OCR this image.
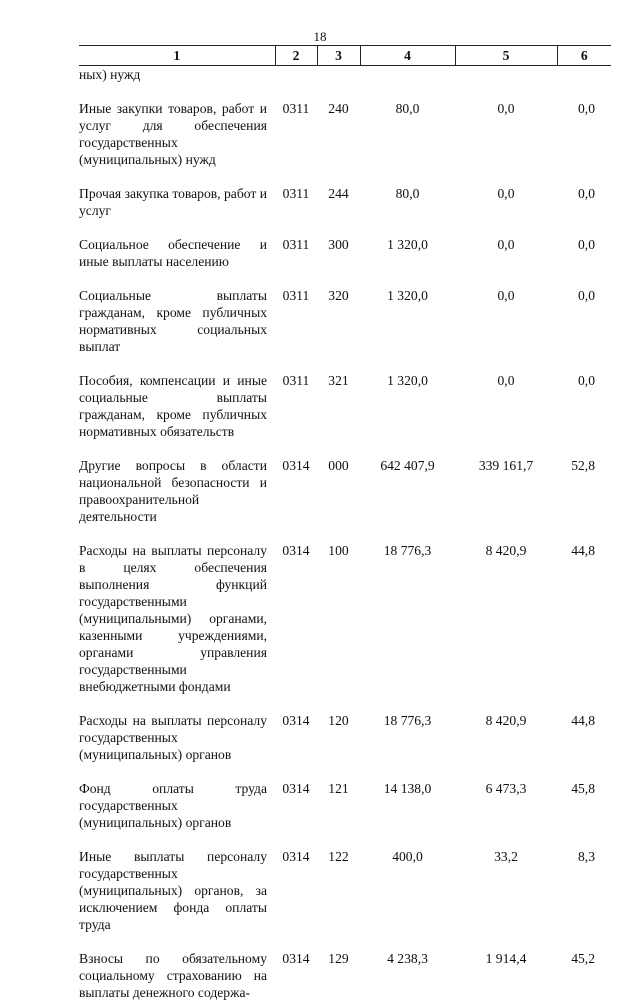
18
1	2	3	4	5	6
ных) нужд					
Иные закупки товаров, работ и услуг для обеспечения государственных (муниципальных) нужд	0311	240	80,0	0,0	0,0
Прочая закупка товаров, работ и услуг	0311	244	80,0	0,0	0,0
Социальное обеспечение и иные выплаты населению	0311	300	1 320,0	0,0	0,0
Социальные выплаты гражданам, кроме публичных нормативных социальных выплат	0311	320	1 320,0	0,0	0,0
Пособия, компенсации и иные социальные выплаты гражданам, кроме публичных нормативных обязательств	0311	321	1 320,0	0,0	0,0
Другие вопросы в области национальной безопасности и правоохранительной деятельности	0314	000	642 407,9	339 161,7	52,8
Расходы на выплаты персоналу в целях обеспечения выполнения функций государственными (муниципальными) органами, казенными учреждениями, органами управления государственными внебюджетными фондами	0314	100	18 776,3	8 420,9	44,8
Расходы на выплаты персоналу государственных (муниципальных) органов	0314	120	18 776,3	8 420,9	44,8
Фонд оплаты труда государственных (муниципальных) органов	0314	121	14 138,0	6 473,3	45,8
Иные выплаты персоналу государственных (муниципальных) органов, за исключением фонда оплаты труда	0314	122	400,0	33,2	8,3
Взносы по обязательному социальному страхованию на выплаты денежного содержа-	0314	129	4 238,3	1 914,4	45,2
